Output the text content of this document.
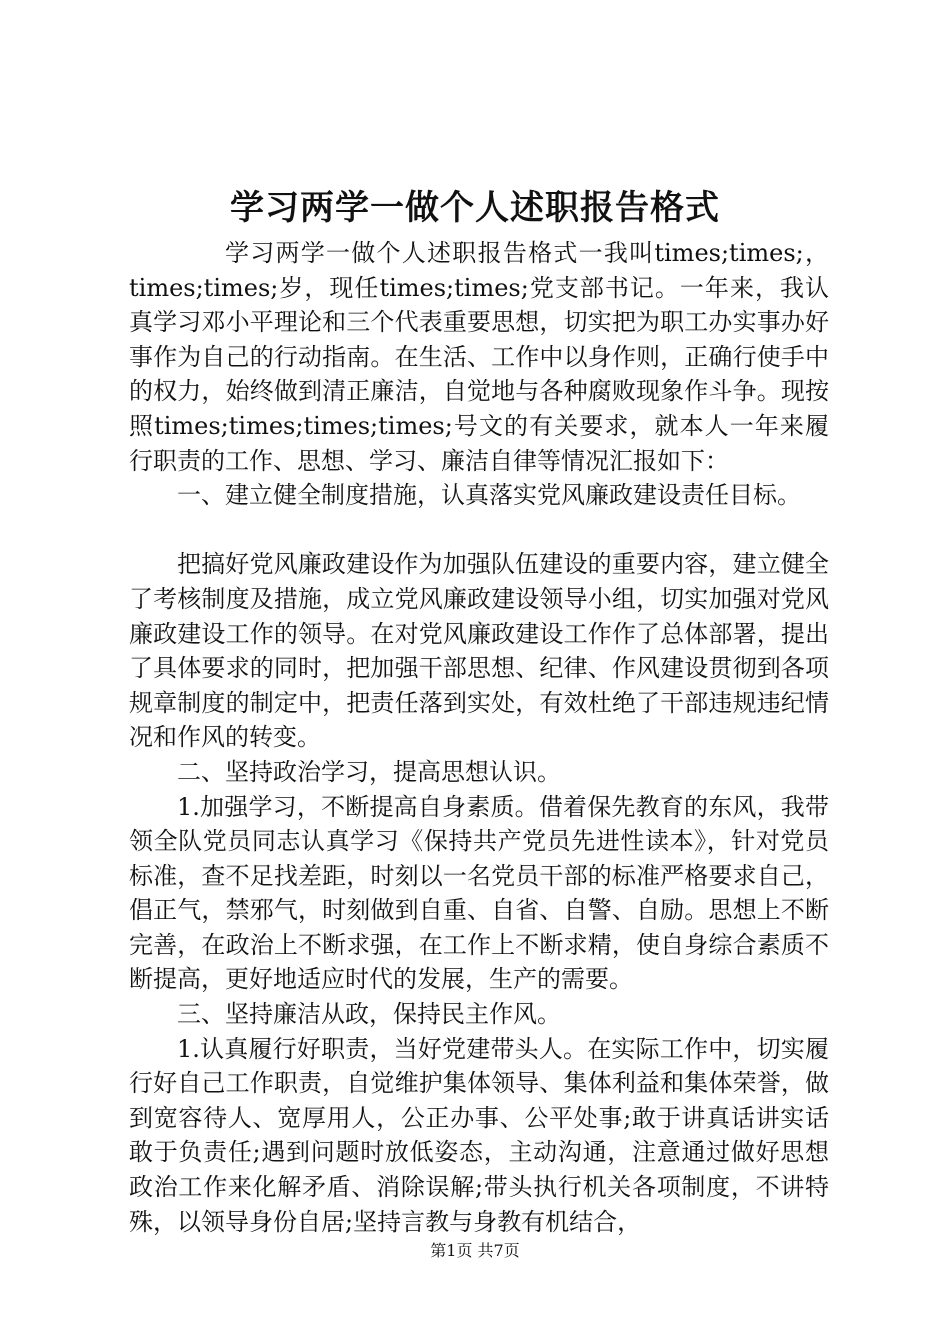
学习两学一做个人述职报告格式

学习两学一做个人述职报告格式一我叫times;times;，times;times;岁，现任times;times;党支部书记。一年来，我认真学习邓小平理论和三个代表重要思想，切实把为职工办实事办好事作为自己的行动指南。在生活、工作中以身作则，正确行使手中的权力，始终做到清正廉洁，自觉地与各种腐败现象作斗争。现按照times;times;times;times;号文的有关要求，就本人一年来履行职责的工作、思想、学习、廉洁自律等情况汇报如下：

一、建立健全制度措施，认真落实党风廉政建设责任目标。

把搞好党风廉政建设作为加强队伍建设的重要内容，建立健全了考核制度及措施，成立党风廉政建设领导小组，切实加强对党风廉政建设工作的领导。在对党风廉政建设工作作了总体部署，提出了具体要求的同时，把加强干部思想、纪律、作风建设贯彻到各项规章制度的制定中，把责任落到实处，有效杜绝了干部违规违纪情况和作风的转变。

二、坚持政治学习，提高思想认识。

1.加强学习，不断提高自身素质。借着保先教育的东风，我带领全队党员同志认真学习《保持共产党员先进性读本》，针对党员标准，查不足找差距，时刻以一名党员干部的标准严格要求自己，倡正气，禁邪气，时刻做到自重、自省、自警、自励。思想上不断完善，在政治上不断求强，在工作上不断求精，使自身综合素质不断提高，更好地适应时代的发展，生产的需要。

三、坚持廉洁从政，保持民主作风。

1.认真履行好职责，当好党建带头人。在实际工作中，切实履行好自己工作职责，自觉维护集体领导、集体利益和集体荣誉，做到宽容待人、宽厚用人，公正办事、公平处事;敢于讲真话讲实话敢于负责任;遇到问题时放低姿态，主动沟通，注意通过做好思想政治工作来化解矛盾、消除误解;带头执行机关各项制度，不讲特殊，以领导身份自居;坚持言教与身教有机结合，

第1页 共7页
